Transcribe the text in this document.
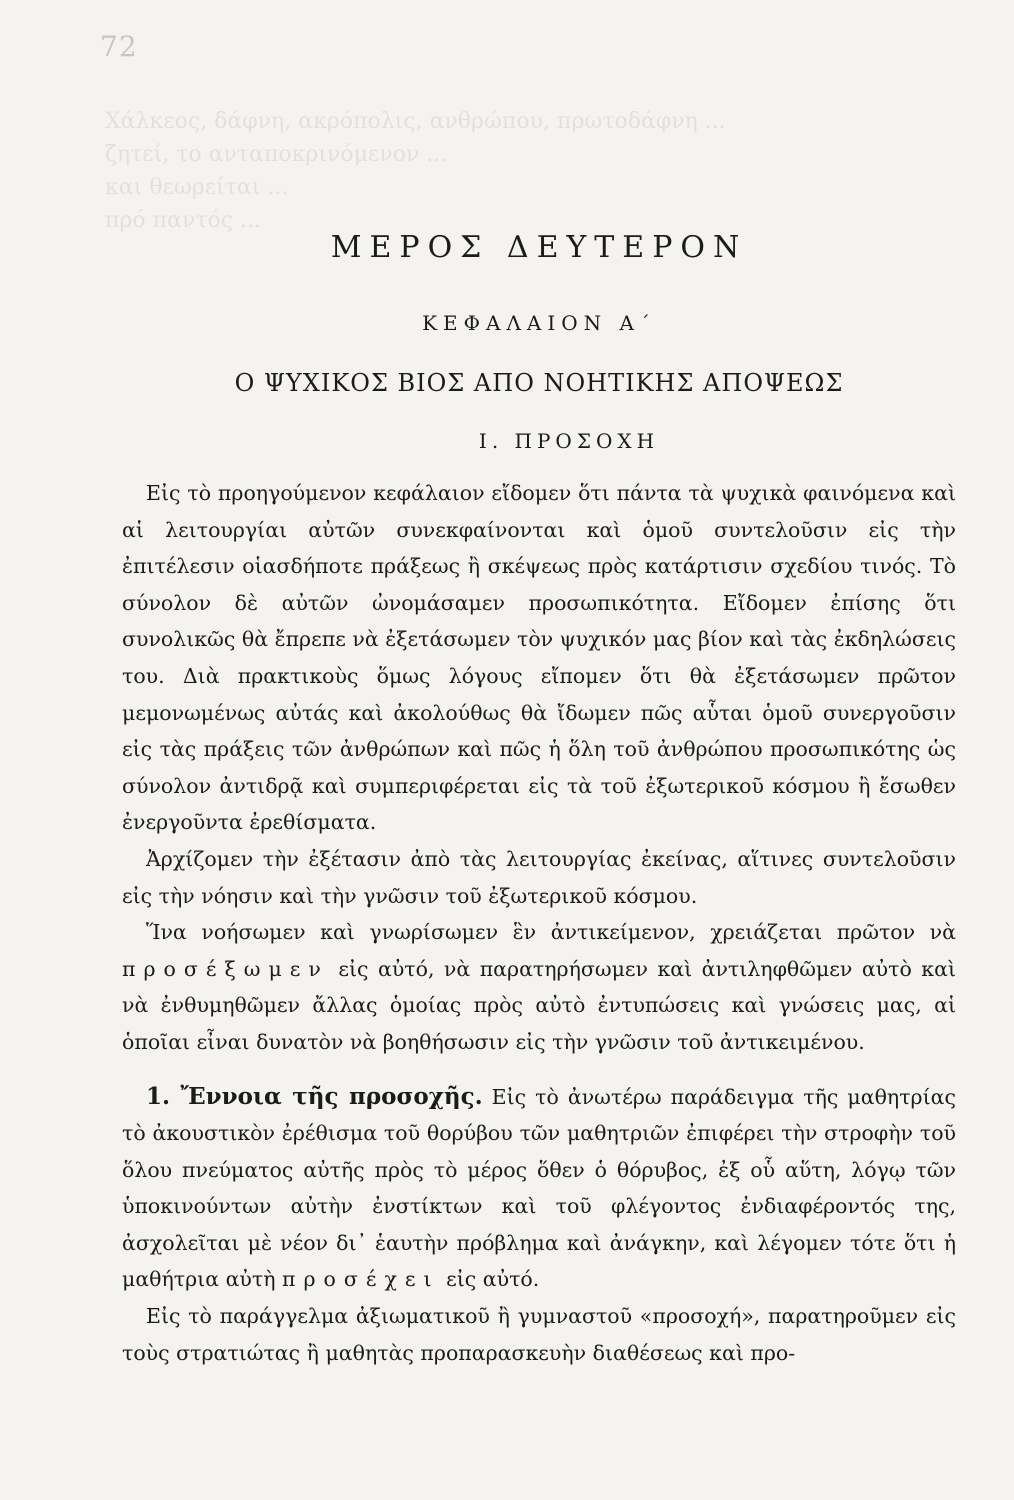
72
Χάλκεος, δάφνη, ακρόπολις, ανθρώπου, πρωτοδάφνη ...
ζητεί, το ανταποκρινόμενον ...
και θεωρείται ...
πρό παντός ...
ΜΕΡΟΣ ΔΕΥΤΕΡΟΝ
ΚΕΦΑΛΑΙΟΝ Α΄
Ο ΨΥΧΙΚΟΣ ΒΙΟΣ ΑΠΟ ΝΟΗΤΙΚΗΣ ΑΠΟΨΕΩΣ
Ι. ΠΡΟΣΟΧΗ

Εἰς τὸ προηγούμενον κεφάλαιον εἴδομεν ὅτι πάντα τὰ ψυχικὰ φαινόμενα καὶ αἱ λειτουργίαι αὐτῶν συνεκφαίνονται καὶ ὁμοῦ συντελοῦσιν εἰς τὴν ἐπιτέλεσιν οἱασδήποτε πράξεως ἢ σκέψεως πρὸς κατάρτισιν σχεδίου τινός. Τὸ σύνολον δὲ αὐτῶν ὠνομάσαμεν προσωπικότητα. Εἴδομεν ἐπίσης ὅτι συνολικῶς θὰ ἔπρεπε νὰ ἐξετάσωμεν τὸν ψυχικόν μας βίον καὶ τὰς ἐκδηλώσεις του. Διὰ πρακτικοὺς ὅμως λόγους εἴπομεν ὅτι θὰ ἐξετάσωμεν πρῶτον μεμονωμένως αὐτάς καὶ ἀκολούθως θὰ ἴδωμεν πῶς αὗται ὁμοῦ συνεργοῦσιν εἰς τὰς πράξεις τῶν ἀνθρώπων καὶ πῶς ἡ ὅλη τοῦ ἀνθρώπου προσωπικότης ὡς σύνολον ἀντιδρᾷ καὶ συμπεριφέρεται εἰς τὰ τοῦ ἐξωτερικοῦ κόσμου ἢ ἔσωθεν ἐνεργοῦντα ἐρεθίσματα.

Ἀρχίζομεν τὴν ἐξέτασιν ἀπὸ τὰς λειτουργίας ἐκείνας, αἵτινες συντελοῦσιν εἰς τὴν νόησιν καὶ τὴν γνῶσιν τοῦ ἐξωτερικοῦ κόσμου.

Ἵνα νοήσωμεν καὶ γνωρίσωμεν ἓν ἀντικείμενον, χρειάζεται πρῶτον νὰ προσέξωμεν εἰς αὐτό, νὰ παρατηρήσωμεν καὶ ἀντιληφθῶμεν αὐτὸ καὶ νὰ ἐνθυμηθῶμεν ἄλλας ὁμοίας πρὸς αὐτὸ ἐντυπώσεις καὶ γνώσεις μας, αἱ ὁποῖαι εἶναι δυνατὸν νὰ βοηθήσωσιν εἰς τὴν γνῶσιν τοῦ ἀντικειμένου.

1. Ἔννοια τῆς προσοχῆς. Εἰς τὸ ἀνωτέρω παράδειγμα τῆς μαθητρίας τὸ ἀκουστικὸν ἐρέθισμα τοῦ θορύβου τῶν μαθητριῶν ἐπιφέρει τὴν στροφὴν τοῦ ὅλου πνεύματος αὐτῆς πρὸς τὸ μέρος ὅθεν ὁ θόρυβος, ἐξ οὗ αὕτη, λόγῳ τῶν ὑποκινούντων αὐτὴν ἐνστίκτων καὶ τοῦ φλέγοντος ἐνδιαφέροντός της, ἀσχολεῖται μὲ νέον δι᾽ ἑαυτὴν πρόβλημα καὶ ἀνάγκην, καὶ λέγομεν τότε ὅτι ἡ μαθήτρια αὐτὴ προσέχει εἰς αὐτό.

Εἰς τὸ παράγγελμα ἀξιωματικοῦ ἢ γυμναστοῦ «προσοχή», παρατηροῦμεν εἰς τοὺς στρατιώτας ἢ μαθητὰς προπαρασκευὴν διαθέσεως καὶ προ-
